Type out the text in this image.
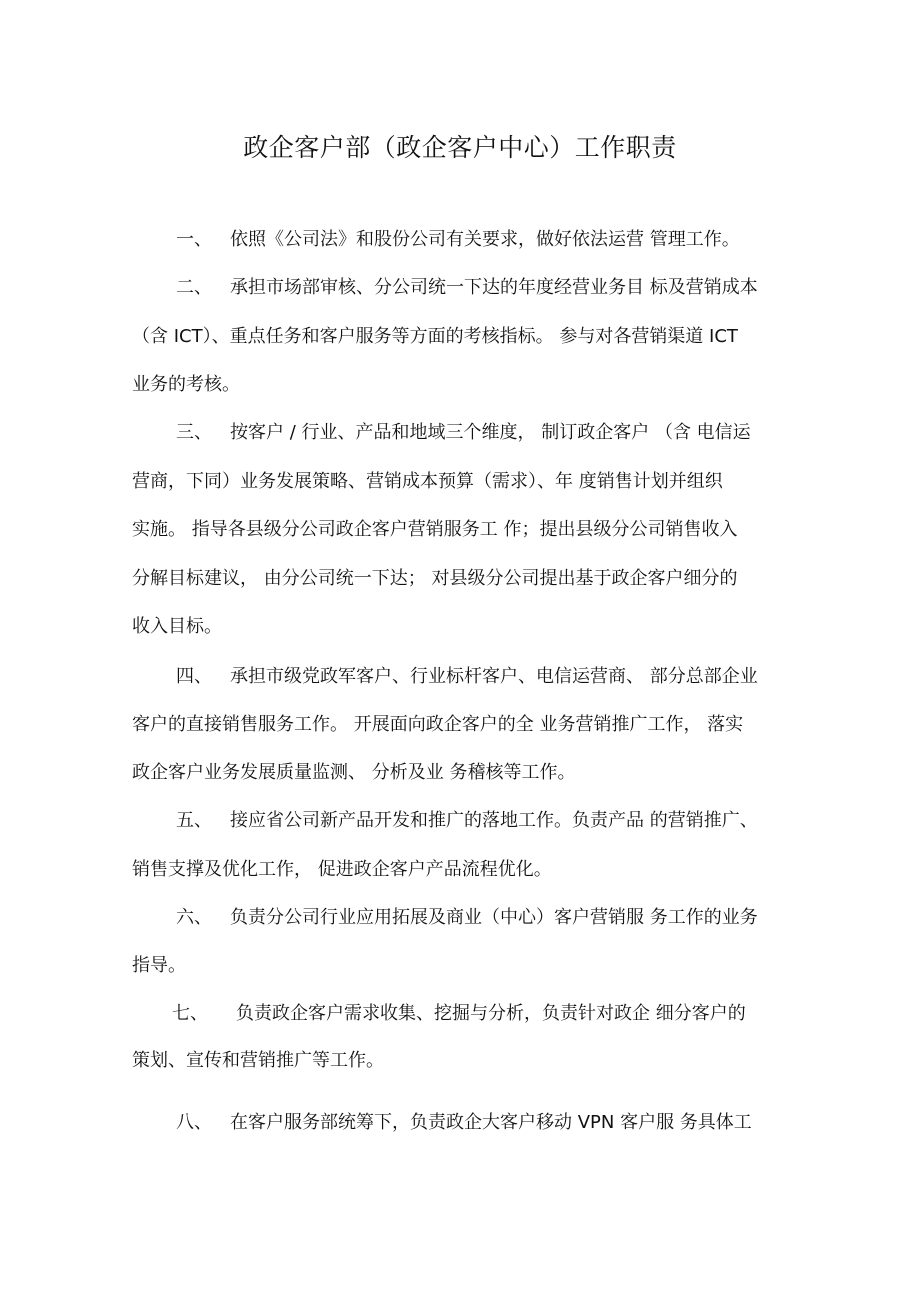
政企客户部（政企客户中心）工作职责
一、 依照《公司法》和股份公司有关要求，做好依法运营 管理工作。
二、 承担市场部审核、分公司统一下达的年度经营业务目 标及营销成本
（含 ICT）、重点任务和客户服务等方面的考核指标。 参与对各营销渠道 ICT
业务的考核。
三、 按客户 / 行业、产品和地域三个维度， 制订政企客户 （含 电信运
营商，下同）业务发展策略、营销成本预算（需求）、年 度销售计划并组织
实施。 指导各县级分公司政企客户营销服务工 作；提出县级分公司销售收入
分解目标建议， 由分公司统一下达； 对县级分公司提出基于政企客户细分的
收入目标。
四、 承担市级党政军客户、行业标杆客户、电信运营商、 部分总部企业
客户的直接销售服务工作。 开展面向政企客户的全 业务营销推广工作， 落实
政企客户业务发展质量监测、 分析及业 务稽核等工作。
五、 接应省公司新产品开发和推广的落地工作。负责产品 的营销推广、
销售支撑及优化工作， 促进政企客户产品流程优化。
六、 负责分公司行业应用拓展及商业（中心）客户营销服 务工作的业务
指导。
七、 负责政企客户需求收集、挖掘与分析，负责针对政企 细分客户的
策划、宣传和营销推广等工作。
八、 在客户服务部统筹下，负责政企大客户移动 VPN 客户服 务具体工
